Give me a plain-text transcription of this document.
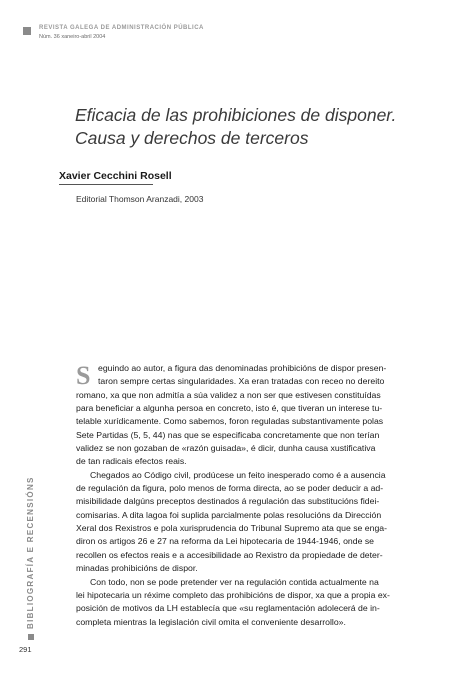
REVISTA GALEGA DE ADMINISTRACIÓN PÚBLICA
Núm. 36 xaneiro-abril 2004
Eficacia de las prohibiciones de disponer.
Causa y derechos de terceros
Xavier Cecchini Rosell
Editorial Thomson Aranzadi, 2003
S eguindo ao autor, a figura das denominadas prohibicións de dispor presen-
taron sempre certas singularidades. Xa eran tratadas con receo no dereito
romano, xa que non admitía a súa validez a non ser que estivesen constituídas
para beneficiar a algunha persoa en concreto, isto é, que tiveran un interese tu-
telable xurídicamente. Como sabemos, foron reguladas substantivamente polas
Sete Partidas (5, 5, 44) nas que se especificaba concretamente que non terían
validez se non gozaban de «razón guisada», é dicir, dunha causa xustificativa
de tan radicais efectos reais.
Chegados ao Código civil, prodúcese un feito inesperado como é a ausencia
de regulación da figura, polo menos de forma directa, ao se poder deducir a ad-
misibilidade dalgúns preceptos destinados á regulación das substitucións fidei-
comisarias. A dita lagoa foi suplida parcialmente polas resolucións da Dirección
Xeral dos Rexistros e pola xurisprudencia do Tribunal Supremo ata que se enga-
diron os artigos 26 e 27 na reforma da Lei hipotecaria de 1944-1946, onde se
recollen os efectos reais e a accesibilidade ao Rexistro da propiedade de deter-
minadas prohibicións de dispor.
Con todo, non se pode pretender ver na regulación contida actualmente na
lei hipotecaria un réxime completo das prohibicións de dispor, xa que a propia ex-
posición de motivos da LH establecía que «su reglamentación adolecerá de in-
completa mientras la legislación civil omita el conveniente desarrollo».
BIBLIOGRAFÍA E RECENSIÓNS
291
